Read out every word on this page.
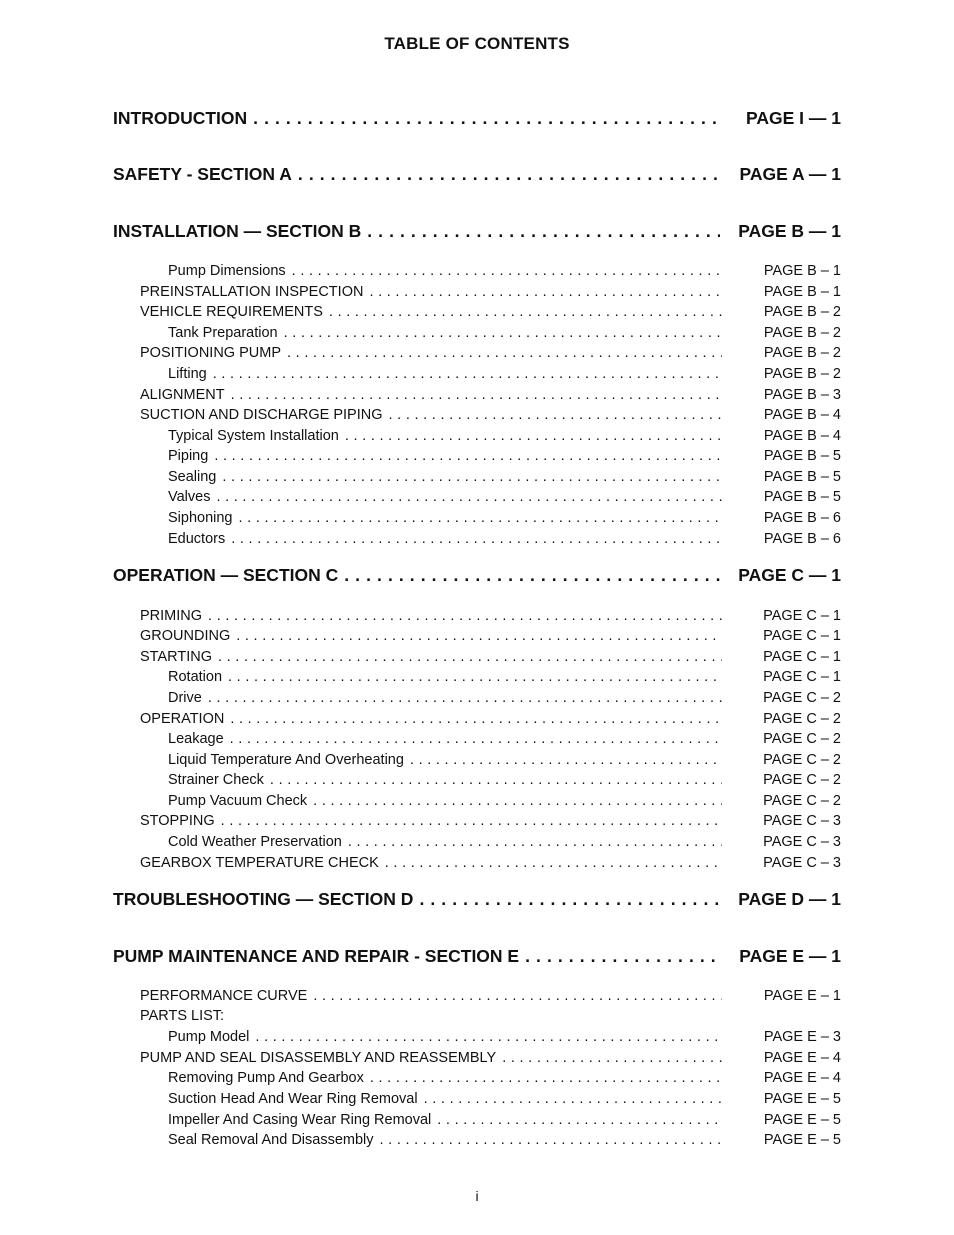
TABLE OF CONTENTS
INTRODUCTION . . .	PAGE I — 1
SAFETY - SECTION A . . .	PAGE A — 1
INSTALLATION — SECTION B . . .	PAGE B — 1
Pump Dimensions . . .	PAGE B – 1
PREINSTALLATION INSPECTION . . .	PAGE B – 1
VEHICLE REQUIREMENTS . . .	PAGE B – 2
Tank Preparation . . .	PAGE B – 2
POSITIONING PUMP . . .	PAGE B – 2
Lifting . . .	PAGE B – 2
ALIGNMENT . . .	PAGE B – 3
SUCTION AND DISCHARGE PIPING . . .	PAGE B – 4
Typical System Installation . . .	PAGE B – 4
Piping . . .	PAGE B – 5
Sealing . . .	PAGE B – 5
Valves . . .	PAGE B – 5
Siphoning . . .	PAGE B – 6
Eductors . . .	PAGE B – 6
OPERATION — SECTION C . . .	PAGE C — 1
PRIMING . . .	PAGE C – 1
GROUNDING . . .	PAGE C – 1
STARTING . . .	PAGE C – 1
Rotation . . .	PAGE C – 1
Drive . . .	PAGE C – 2
OPERATION . . .	PAGE C – 2
Leakage . . .	PAGE C – 2
Liquid Temperature And Overheating . . .	PAGE C – 2
Strainer Check . . .	PAGE C – 2
Pump Vacuum Check . . .	PAGE C – 2
STOPPING . . .	PAGE C – 3
Cold Weather Preservation . . .	PAGE C – 3
GEARBOX TEMPERATURE CHECK . . .	PAGE C – 3
TROUBLESHOOTING — SECTION D . . .	PAGE D — 1
PUMP MAINTENANCE AND REPAIR - SECTION E . . .	PAGE E — 1
PERFORMANCE CURVE . . .	PAGE E – 1
PARTS LIST:
Pump Model . . .	PAGE E – 3
PUMP AND SEAL DISASSEMBLY AND REASSEMBLY . . .	PAGE E – 4
Removing Pump And Gearbox . . .	PAGE E – 4
Suction Head And Wear Ring Removal . . .	PAGE E – 5
Impeller And Casing Wear Ring Removal . . .	PAGE E – 5
Seal Removal And Disassembly . . .	PAGE E – 5
i
